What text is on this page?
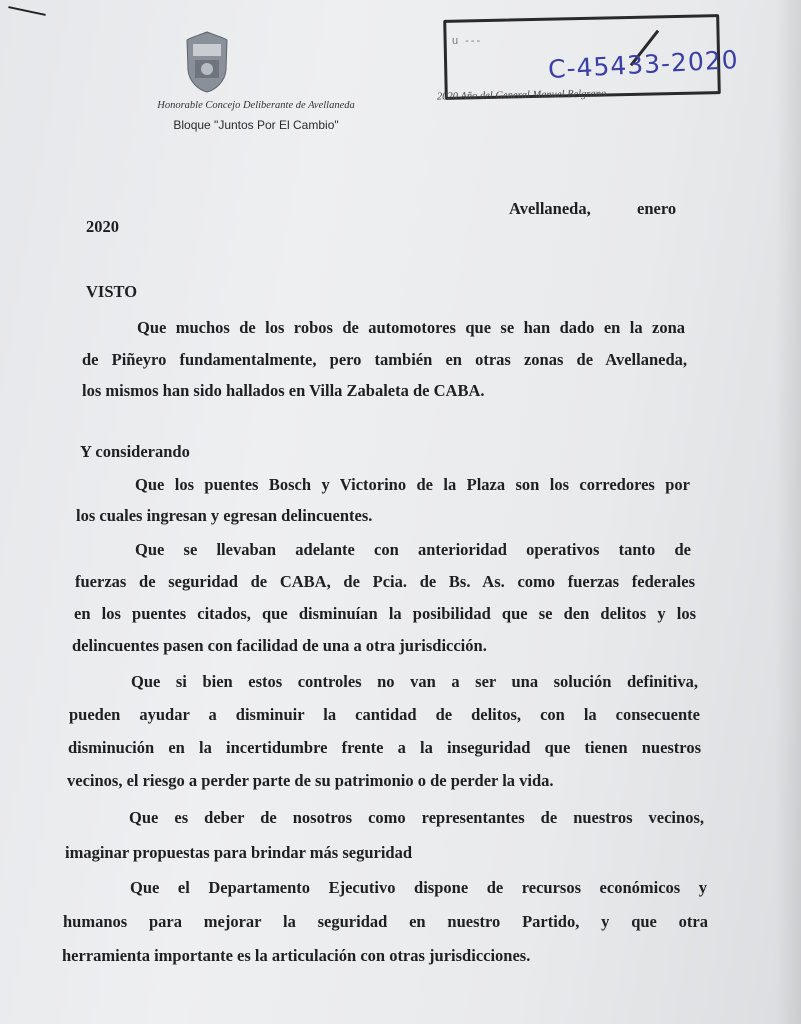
Honorable Concejo Deliberante de Avellaneda
Bloque "Juntos Por El Cambio"
u ---
C-45433-2020
2020 Año del General Manuel Belgrano
Avellaneda,	enero
2020
VISTO
Que muchos de los robos de automotores que se han dado en la zona
de Piñeyro fundamentalmente, pero también en otras zonas de Avellaneda,
los mismos han sido hallados en Villa Zabaleta de CABA.
Y considerando
Que los puentes Bosch y Victorino de la Plaza son los corredores por
los cuales ingresan y egresan delincuentes.
Que se llevaban adelante con anterioridad operativos tanto de
fuerzas de seguridad de CABA, de Pcia. de Bs. As. como fuerzas federales
en los puentes citados, que disminuían la posibilidad que se den delitos y los
delincuentes pasen con facilidad de una a otra jurisdicción.
Que si bien estos controles no van a ser una solución definitiva,
pueden ayudar a disminuir la cantidad de delitos, con la consecuente
disminución en la incertidumbre frente a la inseguridad que tienen nuestros
vecinos, el riesgo a perder parte de su patrimonio o de perder la vida.
Que es deber de nosotros como representantes de nuestros vecinos,
imaginar propuestas para brindar más seguridad
Que el Departamento Ejecutivo dispone de recursos económicos y
humanos para mejorar la seguridad en nuestro Partido, y que otra
herramienta importante es la articulación con otras jurisdicciones.
